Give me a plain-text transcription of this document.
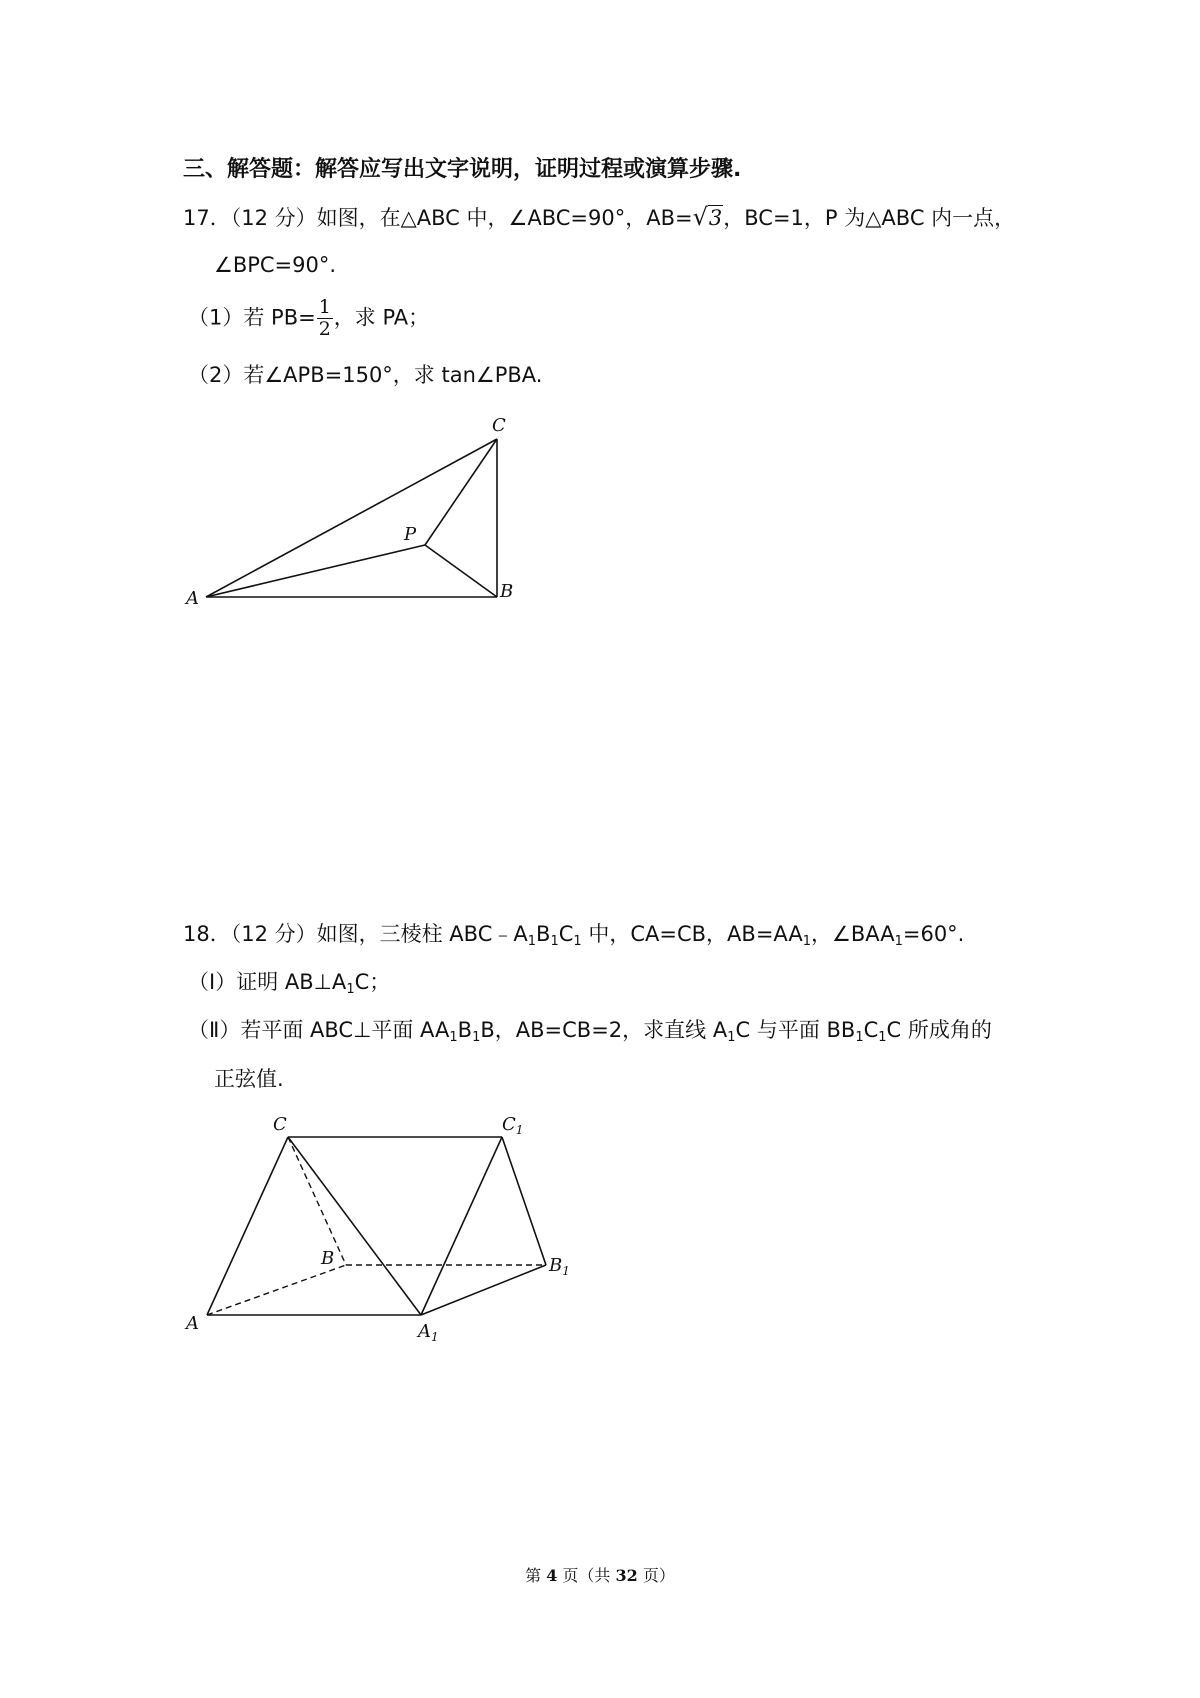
三、解答题：解答应写出文字说明，证明过程或演算步骤.
17．（12 分）如图，在△ABC 中，∠ABC=90°，AB=√3，BC=1，P 为△ABC 内一点，
∠BPC=90°.
（1）若 $PB= \frac{1}{2}$ ，求 PA；
（2）若∠APB=150°，求 tan∠PBA.
A	B
C
P
18．（12 分）如图，三棱柱 $ABC﹣A_1B_1C_1$ 中，CA=CB，$AB=AA_1$，$\angle BAA_1=60^\circ$.
（Ⅰ）证明 $AB\perp A_1C$；
（Ⅱ）若平面 ABC⊥平面 $AA_1B_1B$，AB=CB=2，求直线 $A_1C$ 与平面 $BB_1C_1C$ 所成角的
正弦值.
A
B
C
$A_1$
$B_1$
$C_1$
第 4 页（共 32 页）
